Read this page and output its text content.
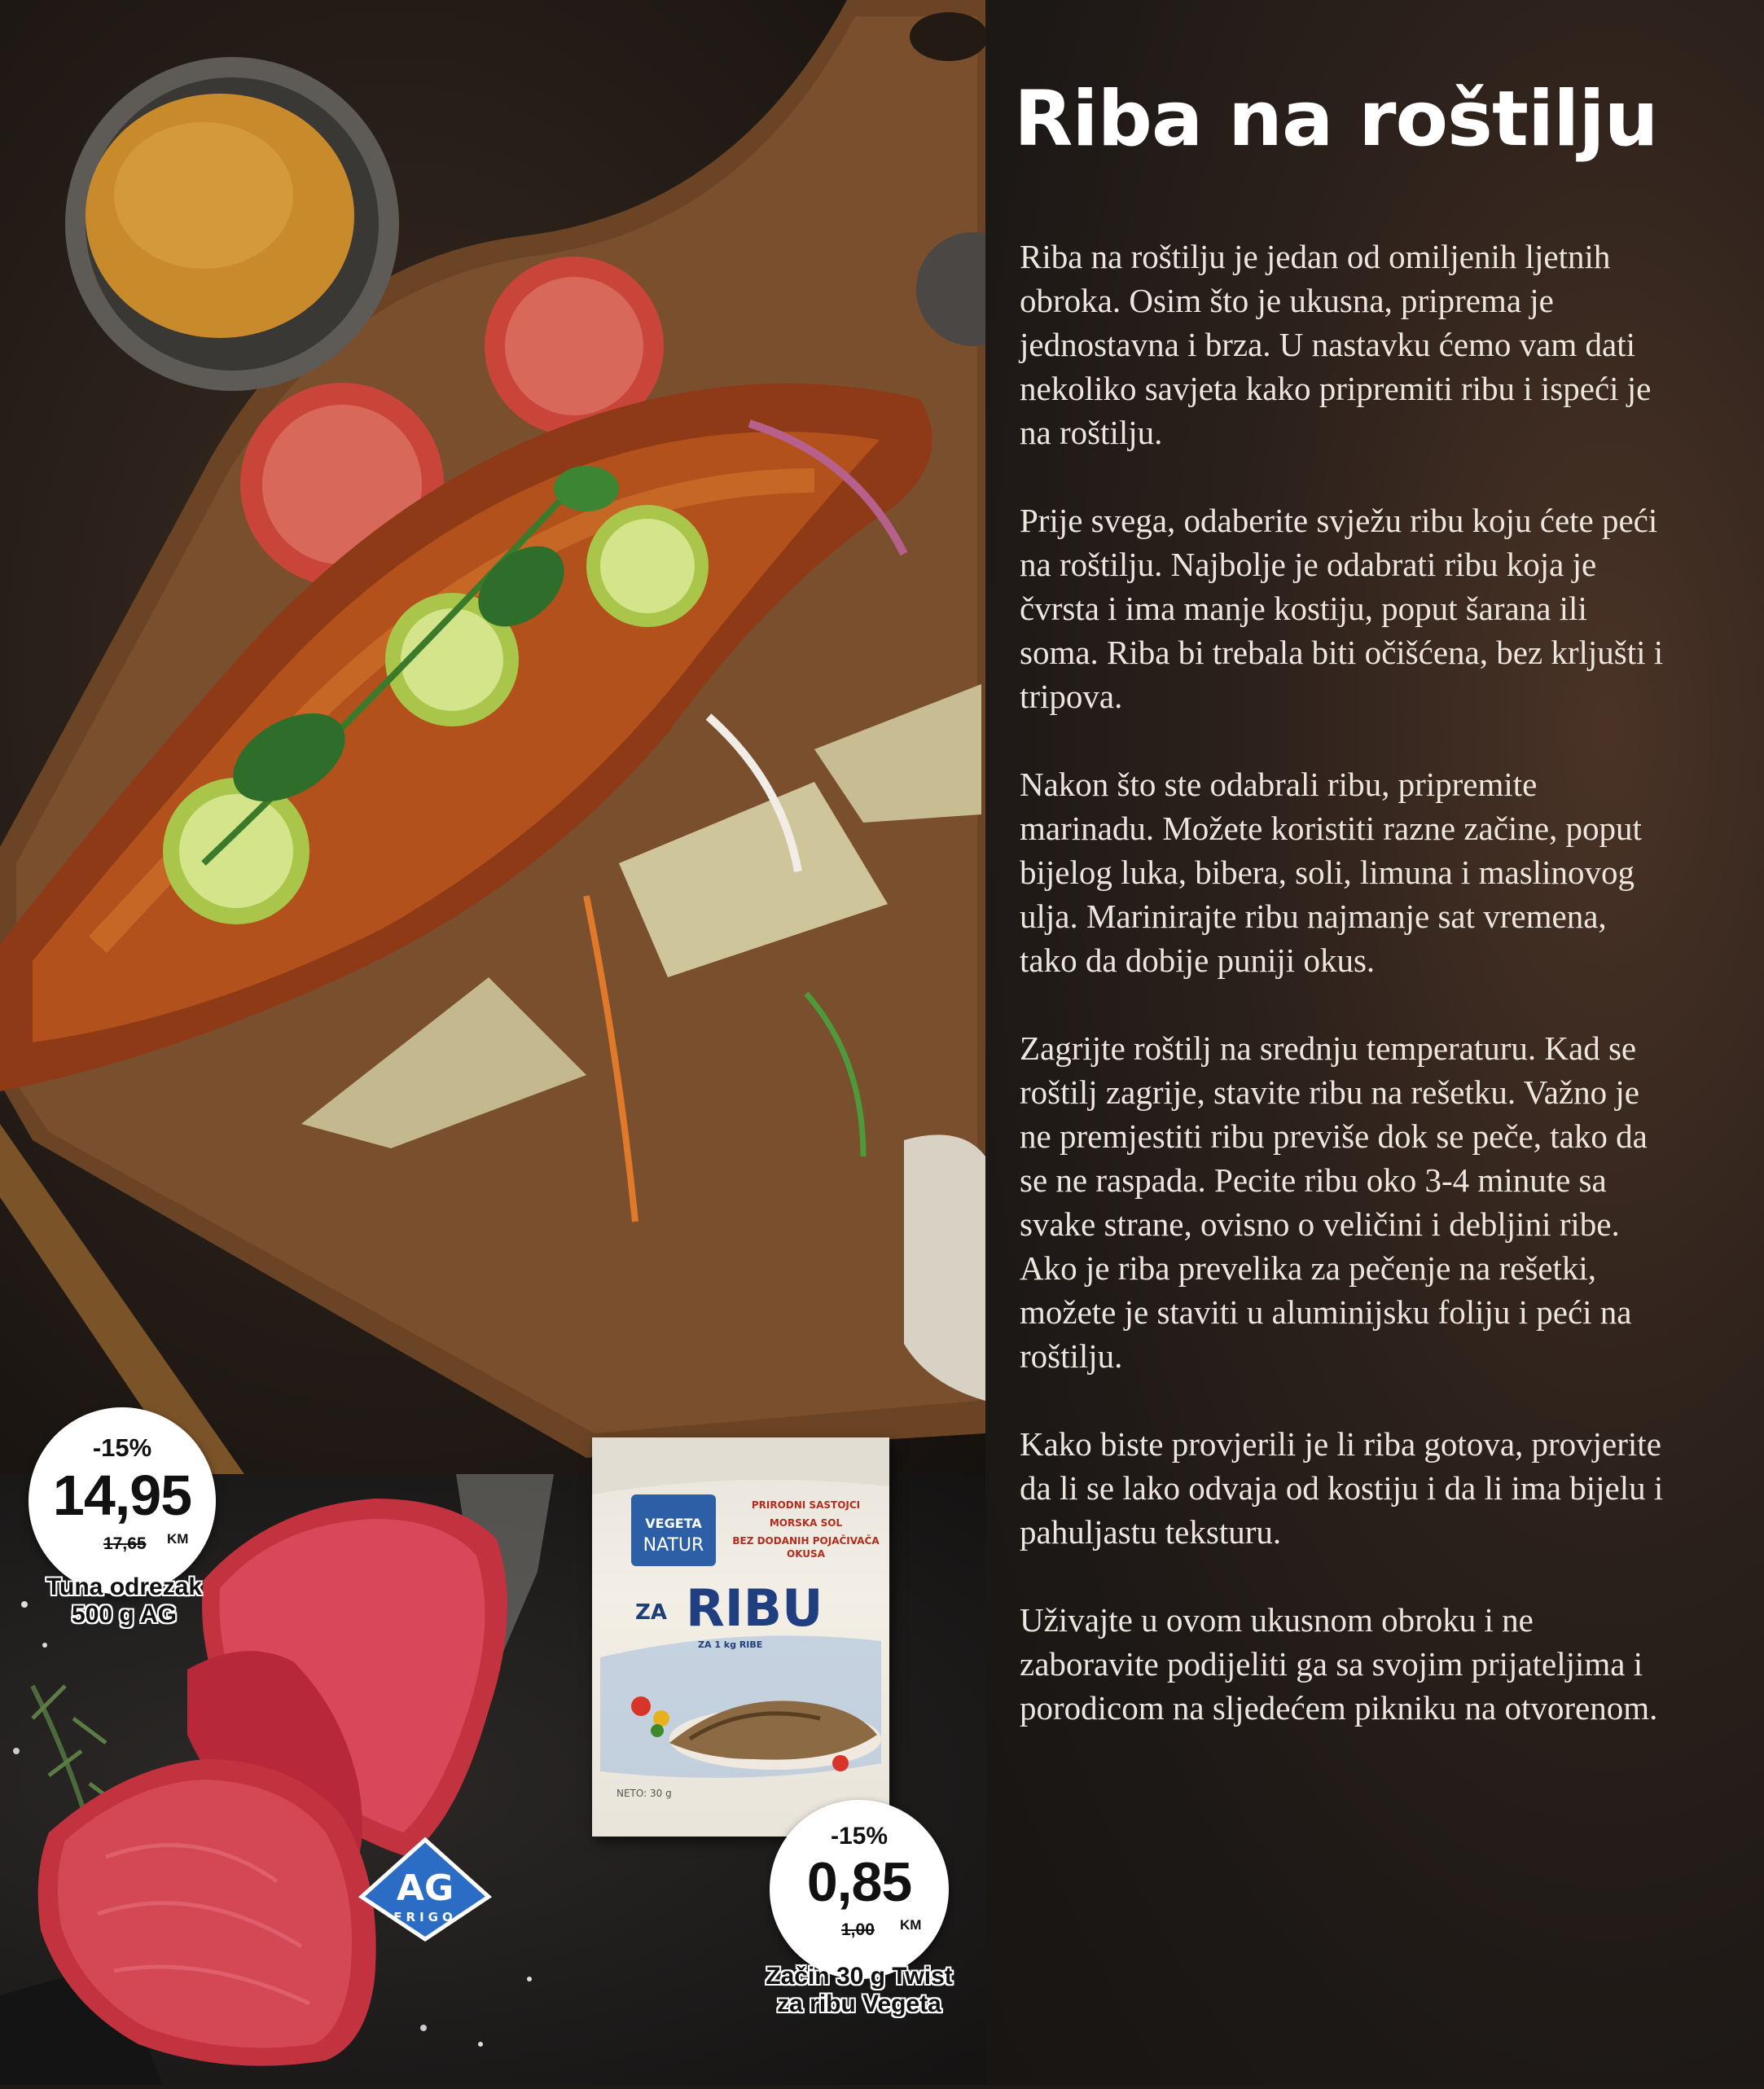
Riba na roštilju

Riba na roštilju je jedan od omiljenih ljetnih obroka. Osim što je ukusna, priprema je jednostavna i brza. U nastavku ćemo vam dati nekoliko savjeta kako pripremiti ribu i ispeći je na roštilju.

Prije svega, odaberite svježu ribu koju ćete peći na roštilju. Najbolje je odabrati ribu koja je čvrsta i ima manje kostiju, poput šarana ili soma. Riba bi trebala biti očišćena, bez krljušti i tripova.

Nakon što ste odabrali ribu, pripremite marinadu. Možete koristiti razne začine, poput bijelog luka, bibera, soli, limuna i maslinovog ulja. Marinirajte ribu najmanje sat vremena, tako da dobije puniji okus.

Zagrijte roštilj na srednju temperaturu. Kad se roštilj zagrije, stavite ribu na rešetku. Važno je ne premjestiti ribu previše dok se peče, tako da se ne raspada. Pecite ribu oko 3-4 minute sa svake strane, ovisno o veličini i debljini ribe. Ako je riba prevelika za pečenje na rešetki, možete je staviti u aluminijsku foliju i peći na roštilju.

Kako biste provjerili je li riba gotova, provjerite da li se lako odvaja od kostiju i da li ima bijelu i pahuljastu teksturu.

Uživajte u ovom ukusnom obroku i ne zaboravite podijeliti ga sa svojim prijateljima i porodicom na sljedećem pikniku na otvorenom.

-15%
14,95
17,65 KM
Tuna odrezak
500 g AG
AG
FRIGO
VEGETA
NATUR
PRIRODNI SASTOJCI
MORSKA SOL
BEZ DODANIH POJAČIVAČA OKUSA
ZA RIBU
ZA 1 kg RIBE
NETO: 30 g
-15%
0,85
1,00 KM
Začin 30 g Twist
za ribu Vegeta
